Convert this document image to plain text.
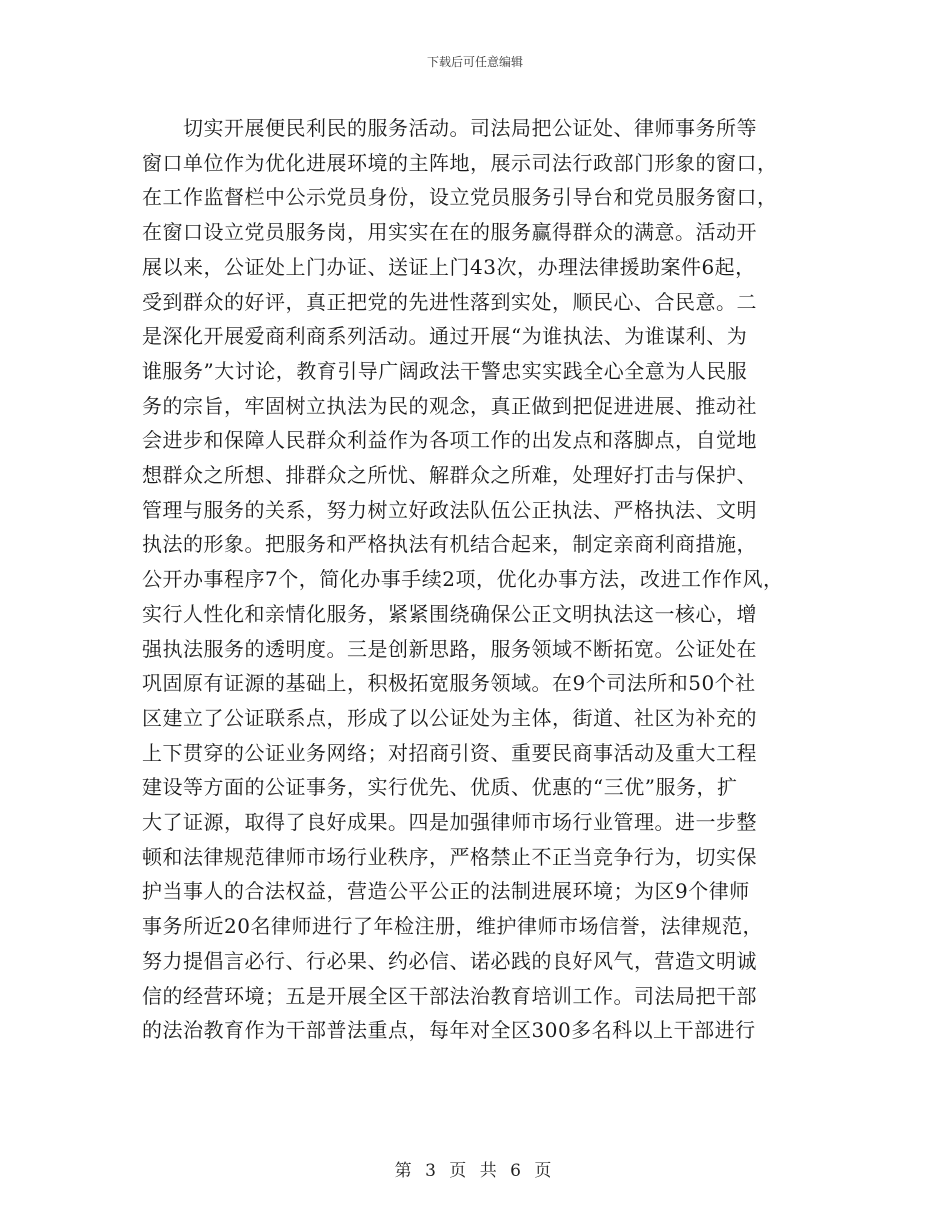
下载后可任意编辑
　　切实开展便民利民的服务活动。司法局把公证处、律师事务所等
窗口单位作为优化进展环境的主阵地，展示司法行政部门形象的窗口，
在工作监督栏中公示党员身份，设立党员服务引导台和党员服务窗口，
在窗口设立党员服务岗，用实实在在的服务赢得群众的满意。活动开
展以来，公证处上门办证、送证上门43次，办理法律援助案件6起，
受到群众的好评，真正把党的先进性落到实处，顺民心、合民意。二
是深化开展爱商利商系列活动。通过开展“为谁执法、为谁谋利、为
谁服务”大讨论，教育引导广阔政法干警忠实实践全心全意为人民服
务的宗旨，牢固树立执法为民的观念，真正做到把促进进展、推动社
会进步和保障人民群众利益作为各项工作的出发点和落脚点，自觉地
想群众之所想、排群众之所忧、解群众之所难，处理好打击与保护、
管理与服务的关系，努力树立好政法队伍公正执法、严格执法、文明
执法的形象。把服务和严格执法有机结合起来，制定亲商利商措施，
公开办事程序7个，简化办事手续2项，优化办事方法，改进工作作风，
实行人性化和亲情化服务，紧紧围绕确保公正文明执法这一核心，增
强执法服务的透明度。三是创新思路，服务领域不断拓宽。公证处在
巩固原有证源的基础上，积极拓宽服务领域。在9个司法所和50个社
区建立了公证联系点，形成了以公证处为主体，街道、社区为补充的
上下贯穿的公证业务网络；对招商引资、重要民商事活动及重大工程
建设等方面的公证事务，实行优先、优质、优惠的“三优”服务，扩
大了证源，取得了良好成果。四是加强律师市场行业管理。进一步整
顿和法律规范律师市场行业秩序，严格禁止不正当竞争行为，切实保
护当事人的合法权益，营造公平公正的法制进展环境；为区9个律师
事务所近20名律师进行了年检注册，维护律师市场信誉，法律规范，
努力提倡言必行、行必果、约必信、诺必践的良好风气，营造文明诚
信的经营环境；五是开展全区干部法治教育培训工作。司法局把干部
的法治教育作为干部普法重点，每年对全区300多名科以上干部进行
第 3 页 共 6 页
